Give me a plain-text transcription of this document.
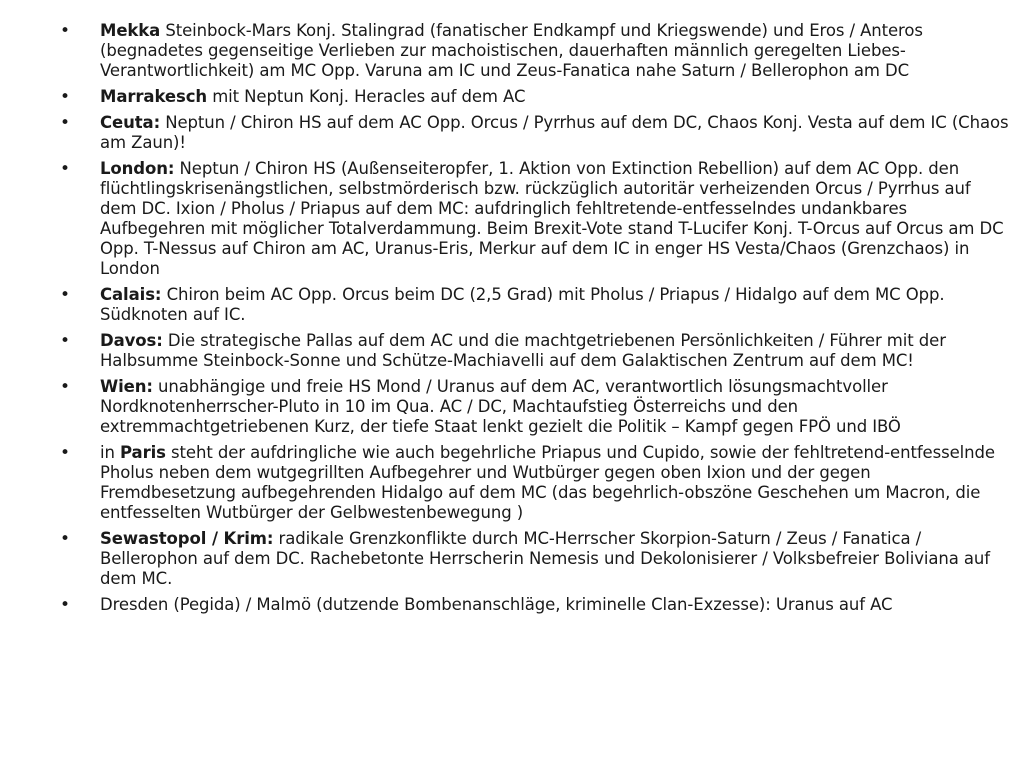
• Mekka Steinbock-Mars Konj. Stalingrad (fanatischer Endkampf und Kriegswende) und Eros / Anteros (begnadetes gegenseitige Verlieben zur machoistischen, dauerhaften männlich geregelten Liebes-Verantwortlichkeit) am MC Opp. Varuna am IC und Zeus-Fanatica nahe Saturn / Bellerophon am DC
• Marrakesch mit Neptun Konj. Heracles auf dem AC
• Ceuta: Neptun / Chiron HS auf dem AC Opp. Orcus / Pyrrhus auf dem DC, Chaos Konj. Vesta auf dem IC (Chaos am Zaun)!
• London: Neptun / Chiron HS (Außenseiteropfer, 1. Aktion von Extinction Rebellion) auf dem AC Opp. den flüchtlingskrisenängstlichen, selbstmörderisch bzw. rückzüglich autoritär verheizenden Orcus / Pyrrhus auf dem DC. Ixion / Pholus / Priapus auf dem MC: aufdringlich fehltretende-entfesselndes undankbares Aufbegehren mit möglicher Totalverdammung. Beim Brexit-Vote stand T-Lucifer Konj. T-Orcus auf Orcus am DC Opp. T-Nessus auf Chiron am AC, Uranus-Eris, Merkur auf dem IC in enger HS Vesta/Chaos (Grenzchaos) in London
• Calais: Chiron beim AC Opp. Orcus beim DC (2,5 Grad) mit Pholus / Priapus / Hidalgo auf dem MC Opp. Südknoten auf IC.
• Davos: Die strategische Pallas auf dem AC und die machtgetriebenen Persönlichkeiten / Führer mit der Halbsumme Steinbock-Sonne und Schütze-Machiavelli auf dem Galaktischen Zentrum auf dem MC!
• Wien: unabhängige und freie HS Mond / Uranus auf dem AC, verantwortlich lösungsmachtvoller Nordknotenherrscher-Pluto in 10 im Qua. AC / DC, Machtaufstieg Österreichs und den extremmachtgetriebenen Kurz, der tiefe Staat lenkt gezielt die Politik – Kampf gegen FPÖ und IBÖ
• in Paris steht der aufdringliche wie auch begehrliche Priapus und Cupido, sowie der fehltretend-entfesselnde Pholus neben dem wutgegrillten Aufbegehrer und Wutbürger gegen oben Ixion und der gegen Fremdbesetzung aufbegehrenden Hidalgo auf dem MC (das begehrlich-obszöne Geschehen um Macron, die entfesselten Wutbürger der Gelbwestenbewegung )
• Sewastopol / Krim: radikale Grenzkonflikte durch MC-Herrscher Skorpion-Saturn / Zeus / Fanatica / Bellerophon auf dem DC. Rachebetonte Herrscherin Nemesis und Dekolonisierer / Volksbefreier Boliviana auf dem MC.
• Dresden (Pegida) / Malmö (dutzende Bombenanschläge, kriminelle Clan-Exzesse): Uranus auf AC
